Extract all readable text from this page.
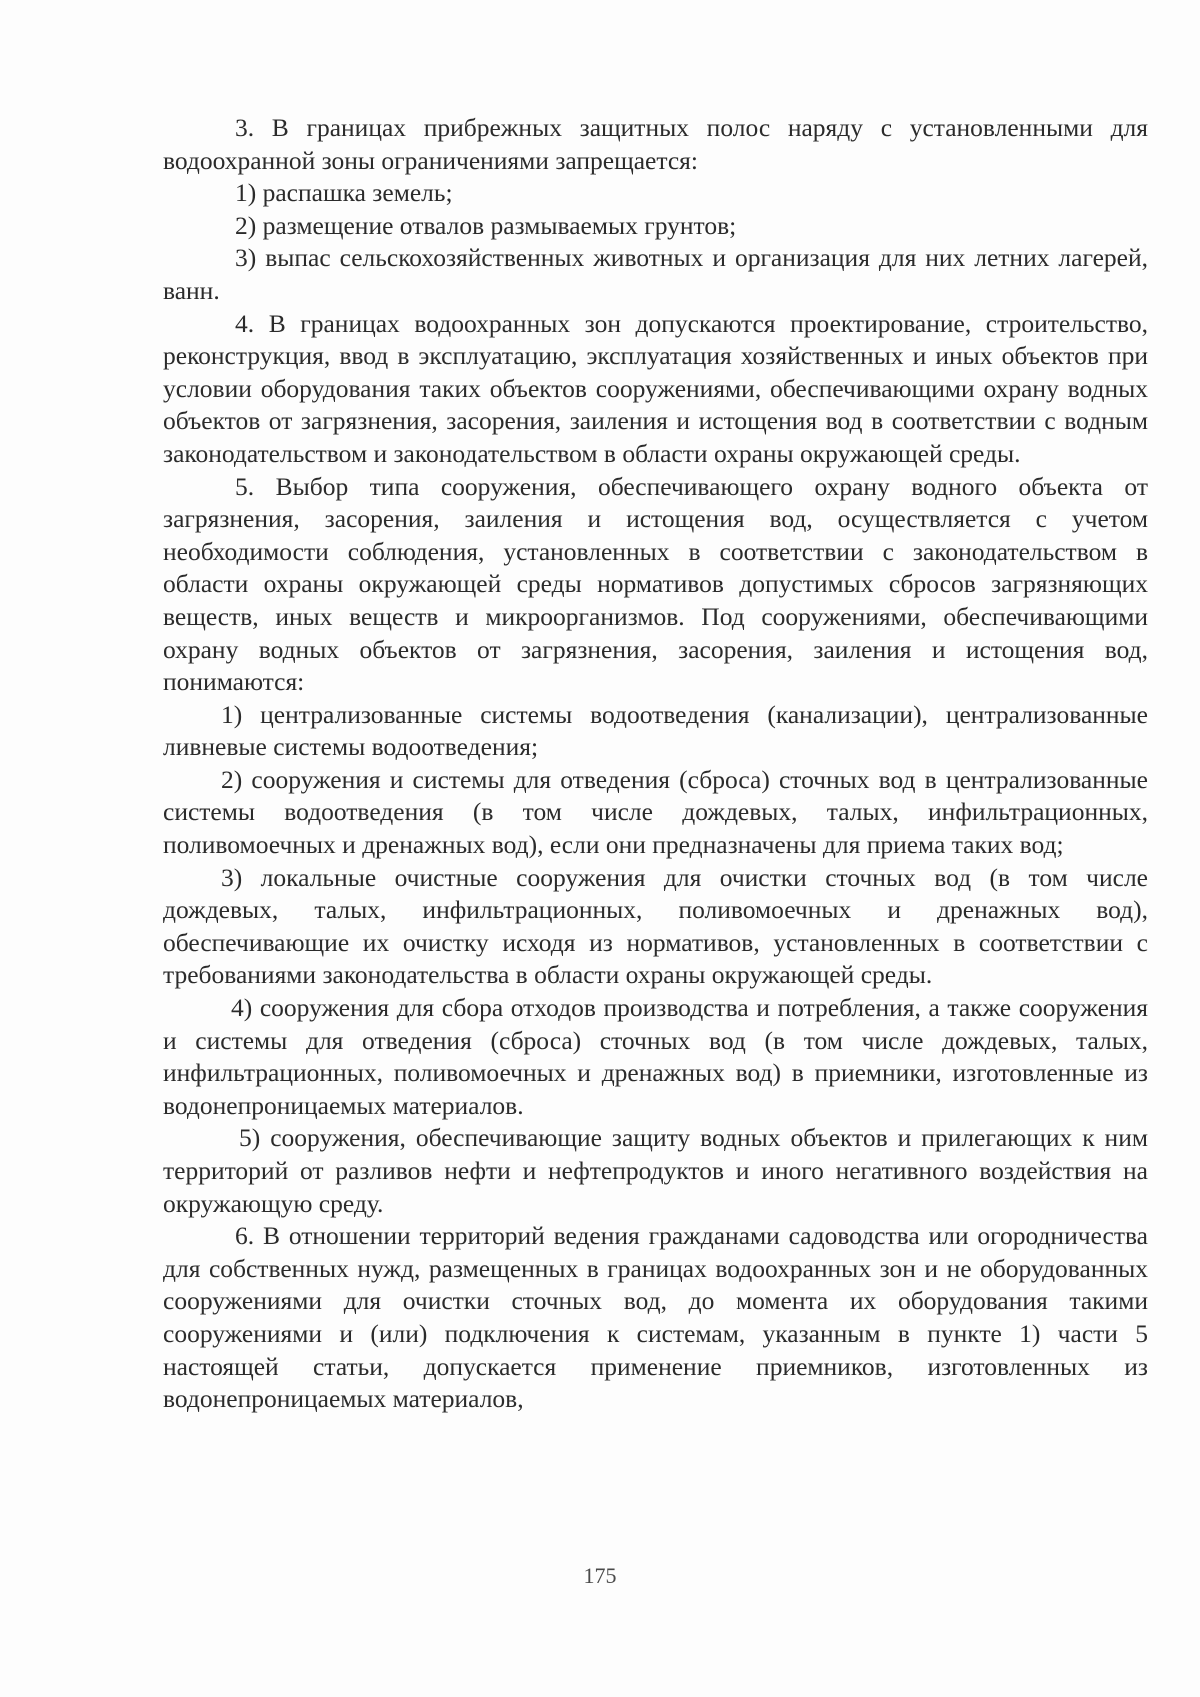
3. В границах прибрежных защитных полос наряду с установленными для водоохранной зоны ограничениями запрещается:

1) распашка земель;

2) размещение отвалов размываемых грунтов;

3) выпас сельскохозяйственных животных и организация для них летних лагерей, ванн.

4. В границах водоохранных зон допускаются проектирование, строительство, реконструкция, ввод в эксплуатацию, эксплуатация хозяйственных и иных объектов при условии оборудования таких объектов сооружениями, обеспечивающими охрану водных объектов от загрязнения, засорения, заиления и истощения вод в соответствии с водным законодательством и законодательством в области охраны окружающей среды.

5. Выбор типа сооружения, обеспечивающего охрану водного объекта от загрязнения, засорения, заиления и истощения вод, осуществляется с учетом необходимости соблюдения, установленных в соответствии с законодательством в области охраны окружающей среды нормативов допустимых сбросов загрязняющих веществ, иных веществ и микроорганизмов. Под сооружениями, обеспечивающими охрану водных объектов от загрязнения, засорения, заиления и истощения вод, понимаются:

1) централизованные системы водоотведения (канализации), централизованные ливневые системы водоотведения;

2) сооружения и системы для отведения (сброса) сточных вод в централизованные системы водоотведения (в том числе дождевых, талых, инфильтрационных, поливомоечных и дренажных вод), если они предназначены для приема таких вод;

3) локальные очистные сооружения для очистки сточных вод (в том числе дождевых, талых, инфильтрационных, поливомоечных и дренажных вод), обеспечивающие их очистку исходя из нормативов, установленных в соответствии с требованиями законодательства в области охраны окружающей среды.

4) сооружения для сбора отходов производства и потребления, а также сооружения и системы для отведения (сброса) сточных вод (в том числе дождевых, талых, инфильтрационных, поливомоечных и дренажных вод) в приемники, изготовленные из водонепроницаемых материалов.

5) сооружения, обеспечивающие защиту водных объектов и прилегающих к ним территорий от разливов нефти и нефтепродуктов и иного негативного воздействия на окружающую среду.

6. В отношении территорий ведения гражданами садоводства или огородничества для собственных нужд, размещенных в границах водоохранных зон и не оборудованных сооружениями для очистки сточных вод, до момента их оборудования такими сооружениями и (или) подключения к системам, указанным в пункте 1) части 5 настоящей статьи, допускается применение приемников, изготовленных из водонепроницаемых материалов,

175
